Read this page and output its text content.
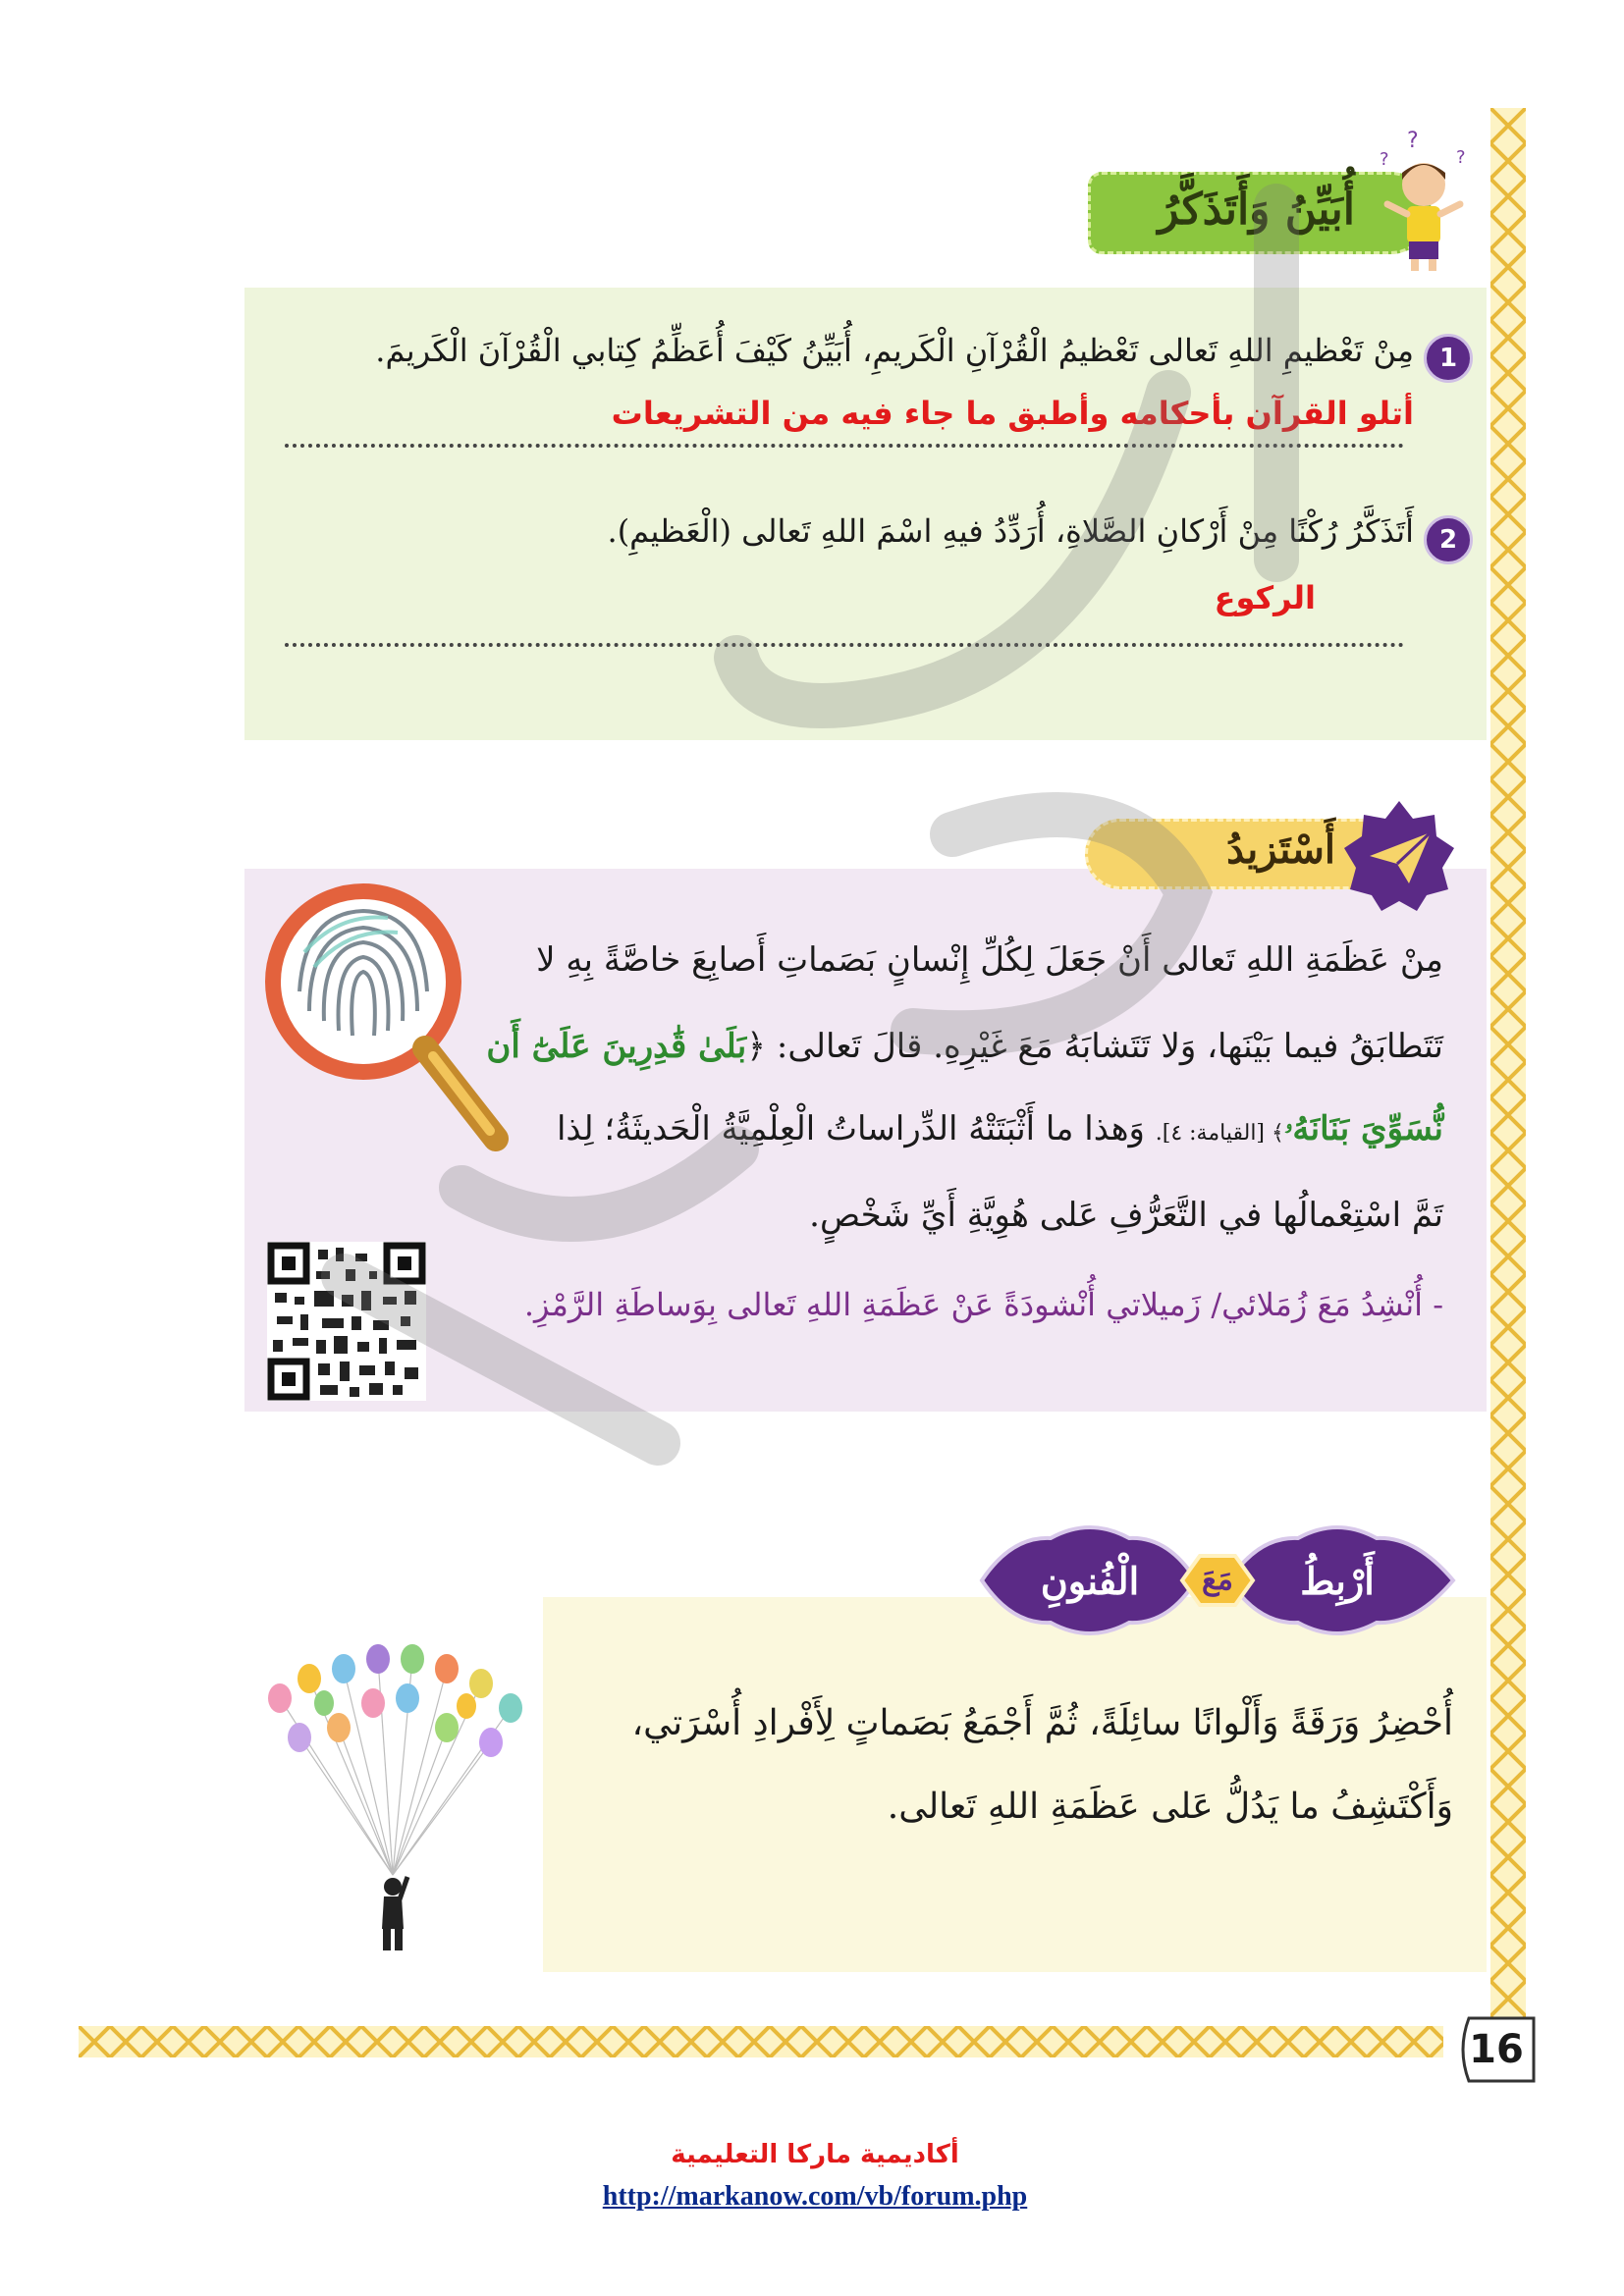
أُبَيِّنُ وَأَتَذَكَّرُ
?
?	?
1
مِنْ تَعْظيمِ اللهِ تَعالى تَعْظيمُ الْقُرْآنِ الْكَريمِ، أُبَيِّنُ كَيْفَ أُعَظِّمُ كِتابي الْقُرْآنَ الْكَريمَ.
أتلو القرآن بأحكامه وأطبق ما جاء فيه من التشريعات
2
أَتَذَكَّرُ رُكْنًا مِنْ أَرْكانِ الصَّلاةِ، أُرَدِّدُ فيهِ اسْمَ اللهِ تَعالى (الْعَظيمِ).
الركوع
أَسْتَزيدُ
مِنْ عَظَمَةِ اللهِ تَعالى أَنْ جَعَلَ لِكُلِّ إِنْسانٍ بَصَماتِ أَصابِعَ خاصَّةً بِهِ لا
تَتَطابَقُ فيما بَيْنَها، وَلا تَتَشابَهُ مَعَ غَيْرِهِ. قالَ تَعالى: ﴿بَلَىٰ قَٰدِرِينَ عَلَىٰٓ أَن
نُّسَوِّيَ بَنَانَهُۥ﴾ [القيامة: ٤]. وَهذا ما أَثْبَتَتْهُ الدِّراساتُ الْعِلْمِيَّةُ الْحَديثَةُ؛ لِذا
تَمَّ اسْتِعْمالُها في التَّعَرُّفِ عَلى هُوِيَّةِ أَيِّ شَخْصٍ.
- أُنْشِدُ مَعَ زُمَلائي/ زَميلاتي أُنْشودَةً عَنْ عَظَمَةِ اللهِ تَعالى بِوَساطَةِ الرَّمْزِ.
أَرْبِطُ
مَعَ
الْفُنونِ
أُحْضِرُ وَرَقَةً وَأَلْوانًا سائِلَةً، ثُمَّ أَجْمَعُ بَصَماتٍ لِأَفْرادِ أُسْرَتي،
وَأَكْتَشِفُ ما يَدُلُّ عَلى عَظَمَةِ اللهِ تَعالى.
16
أكاديمية ماركا التعليمية
http://markanow.com/vb/forum.php
